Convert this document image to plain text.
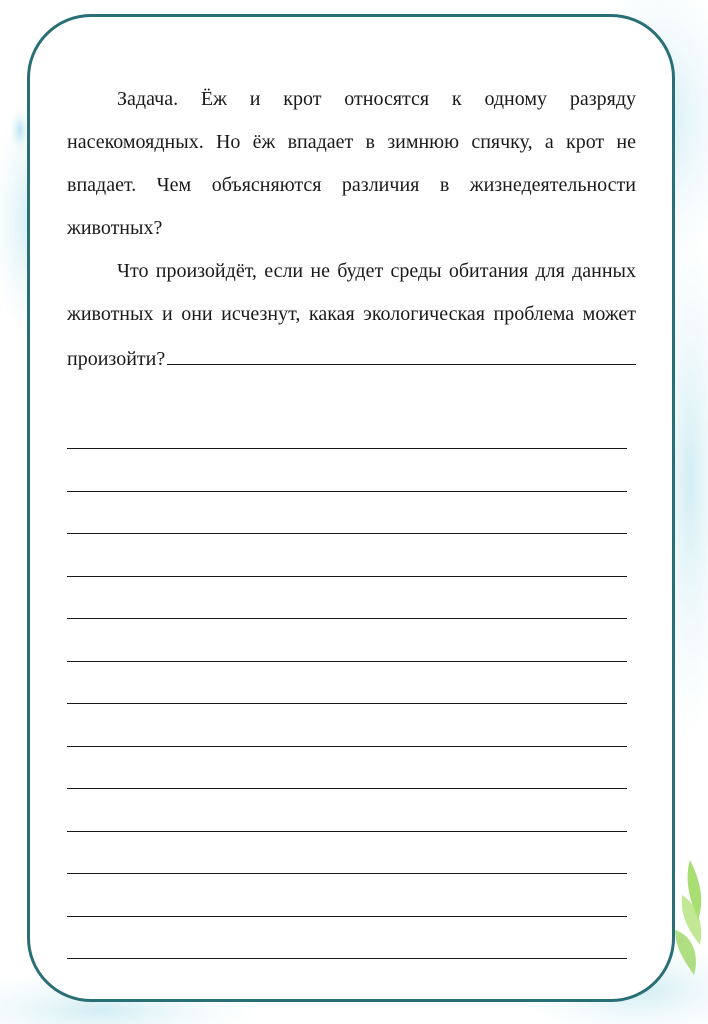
Задача. Ёж и крот относятся к одному разряду насекомоядных. Но ёж впадает в зимнюю спячку, а крот не впадает. Чем объясняются различия в жизнедеятельности животных?

Что произойдёт, если не будет среды обитания для данных животных и они исчезнут, какая экологическая проблема может

произойти?
